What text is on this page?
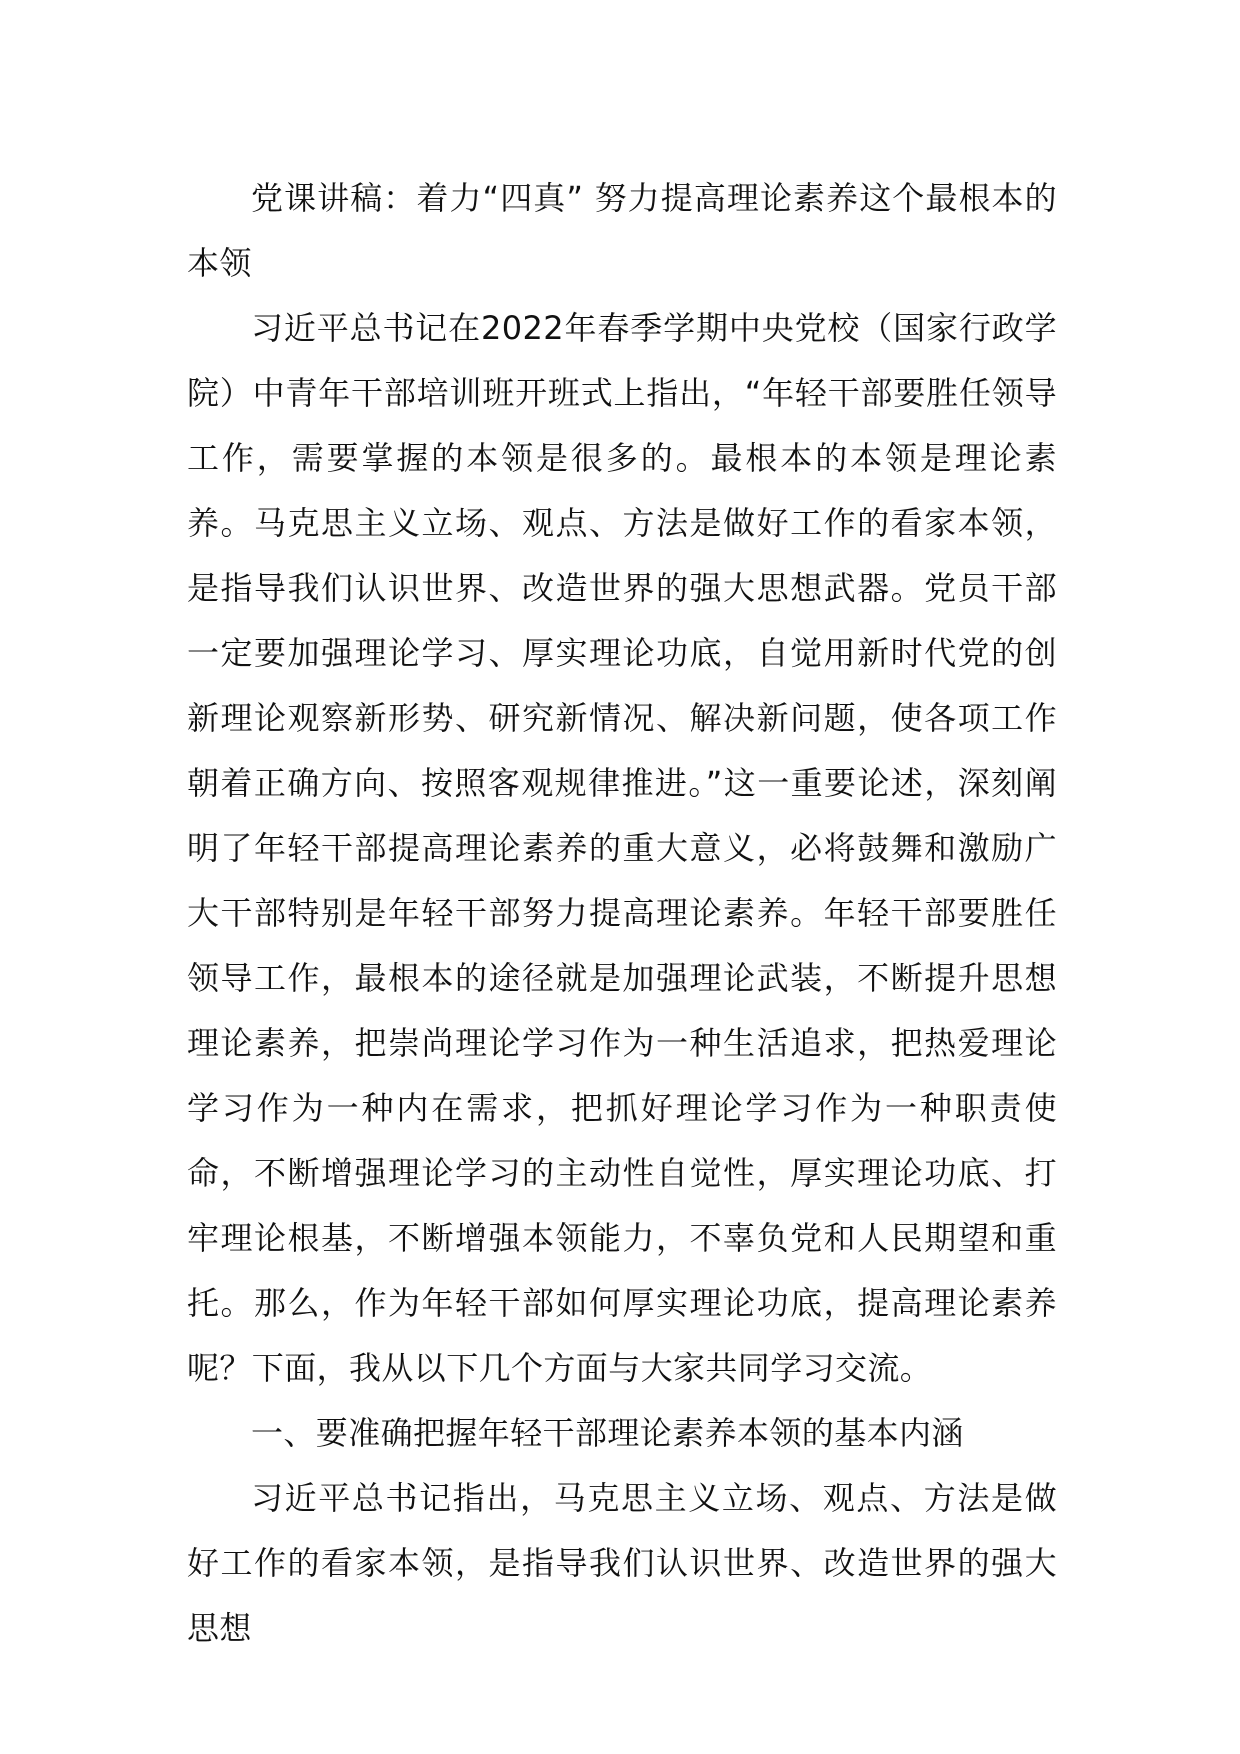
党课讲稿：着力“四真” 努力提高理论素养这个最根本的本领

习近平总书记在2022年春季学期中央党校（国家行政学院）中青年干部培训班开班式上指出，“年轻干部要胜任领导工作，需要掌握的本领是很多的。最根本的本领是理论素养。马克思主义立场、观点、方法是做好工作的看家本领，是指导我们认识世界、改造世界的强大思想武器。党员干部一定要加强理论学习、厚实理论功底，自觉用新时代党的创新理论观察新形势、研究新情况、解决新问题，使各项工作朝着正确方向、按照客观规律推进。”这一重要论述，深刻阐明了年轻干部提高理论素养的重大意义，必将鼓舞和激励广大干部特别是年轻干部努力提高理论素养。年轻干部要胜任领导工作，最根本的途径就是加强理论武装，不断提升思想理论素养，把崇尚理论学习作为一种生活追求，把热爱理论学习作为一种内在需求，把抓好理论学习作为一种职责使命，不断增强理论学习的主动性自觉性，厚实理论功底、打牢理论根基，不断增强本领能力，不辜负党和人民期望和重托。那么，作为年轻干部如何厚实理论功底，提高理论素养呢？下面，我从以下几个方面与大家共同学习交流。

一、要准确把握年轻干部理论素养本领的基本内涵

习近平总书记指出，马克思主义立场、观点、方法是做好工作的看家本领，是指导我们认识世界、改造世界的强大思想
